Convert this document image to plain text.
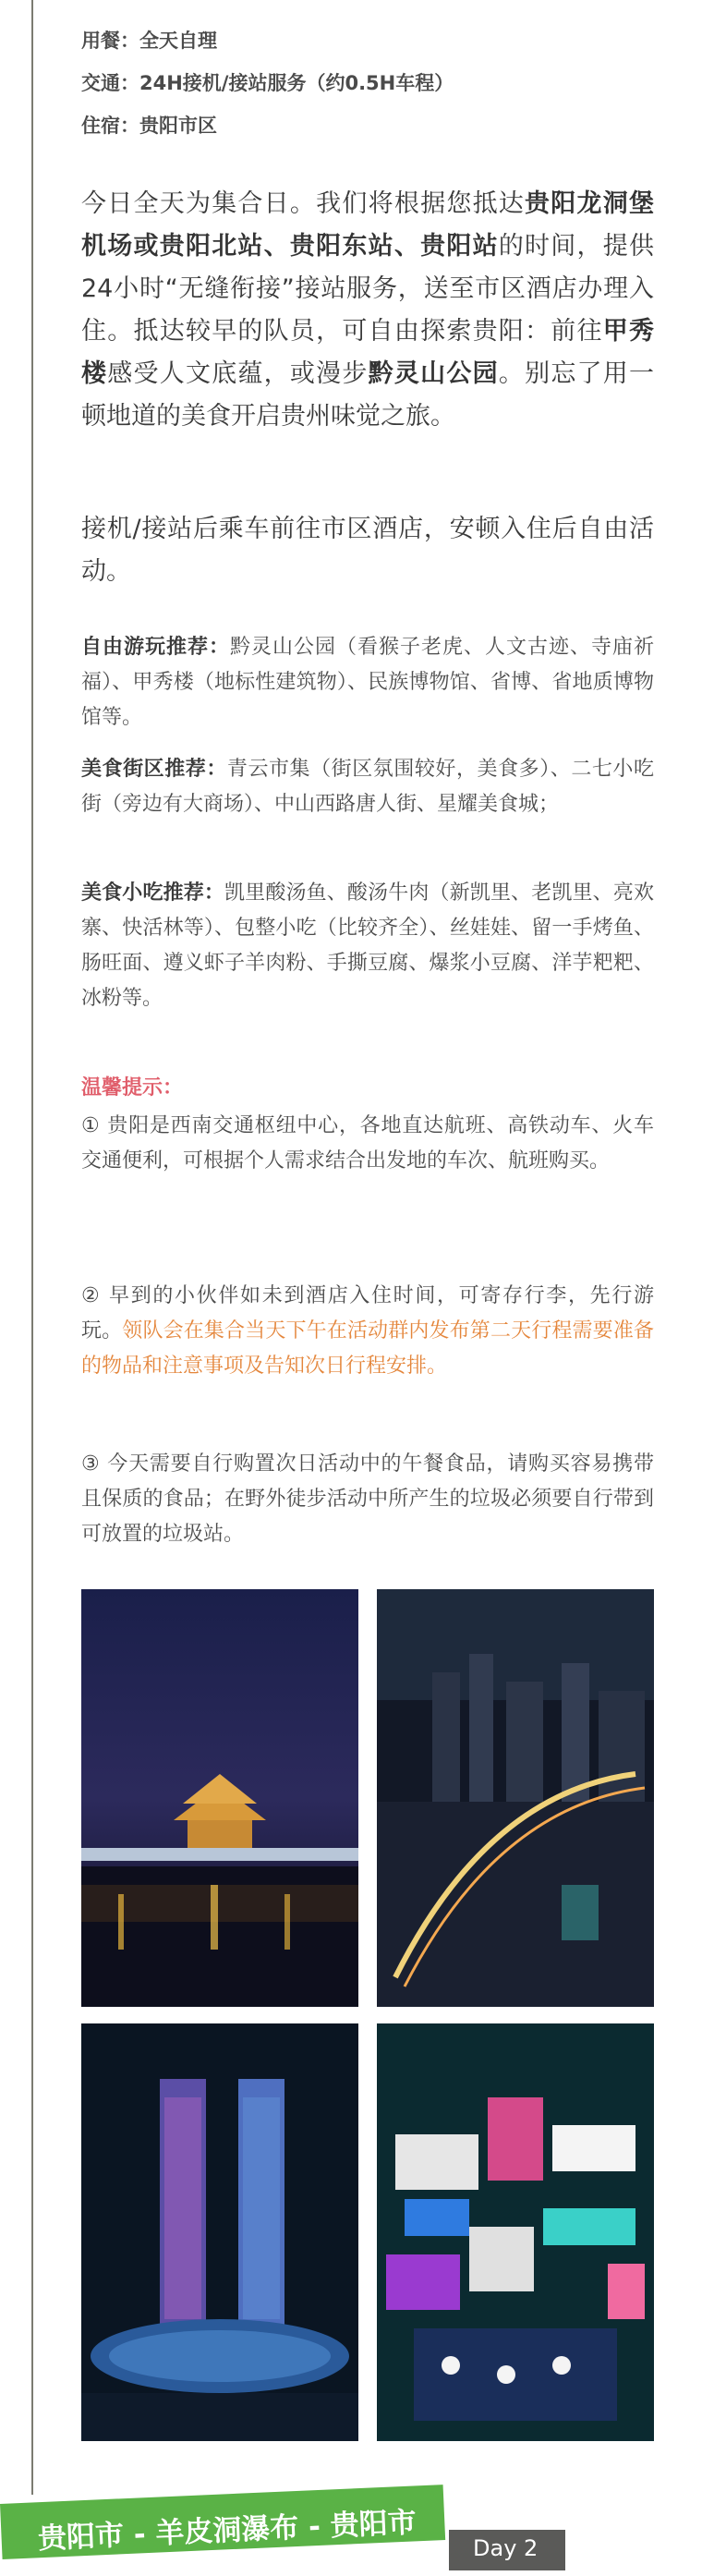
用餐：全天自理
交通：24H接机/接站服务（约0.5H车程）
住宿：贵阳市区
今日全天为集合日。我们将根据您抵达贵阳龙洞堡机场或贵阳北站、贵阳东站、贵阳站的时间，提供24小时“无缝衔接”接站服务，送至市区酒店办理入住。抵达较早的队员，可自由探索贵阳：前往甲秀楼感受人文底蕴，或漫步黔灵山公园。别忘了用一顿地道的美食开启贵州味觉之旅。
接机/接站后乘车前往市区酒店，安顿入住后自由活动。
自由游玩推荐：黔灵山公园（看猴子老虎、人文古迹、寺庙祈福）、甲秀楼（地标性建筑物）、民族博物馆、省博、省地质博物馆等。
美食街区推荐：青云市集（街区氛围较好，美食多）、二七小吃街（旁边有大商场）、中山西路唐人街、星耀美食城；
美食小吃推荐：凯里酸汤鱼、酸汤牛肉（新凯里、老凯里、亮欢寨、快活林等）、包整小吃（比较齐全）、丝娃娃、留一手烤鱼、肠旺面、遵义虾子羊肉粉、手撕豆腐、爆浆小豆腐、洋芋粑粑、冰粉等。
温馨提示：
① 贵阳是西南交通枢纽中心，各地直达航班、高铁动车、火车交通便利，可根据个人需求结合出发地的车次、航班购买。
② 早到的小伙伴如未到酒店入住时间，可寄存行李，先行游玩。领队会在集合当天下午在活动群内发布第二天行程需要准备的物品和注意事项及告知次日行程安排。
③ 今天需要自行购置次日活动中的午餐食品，请购买容易携带且保质的食品；在野外徒步活动中所产生的垃圾必须要自行带到可放置的垃圾站。
贵阳市 - 羊皮洞瀑布 - 贵阳市	Day 2
